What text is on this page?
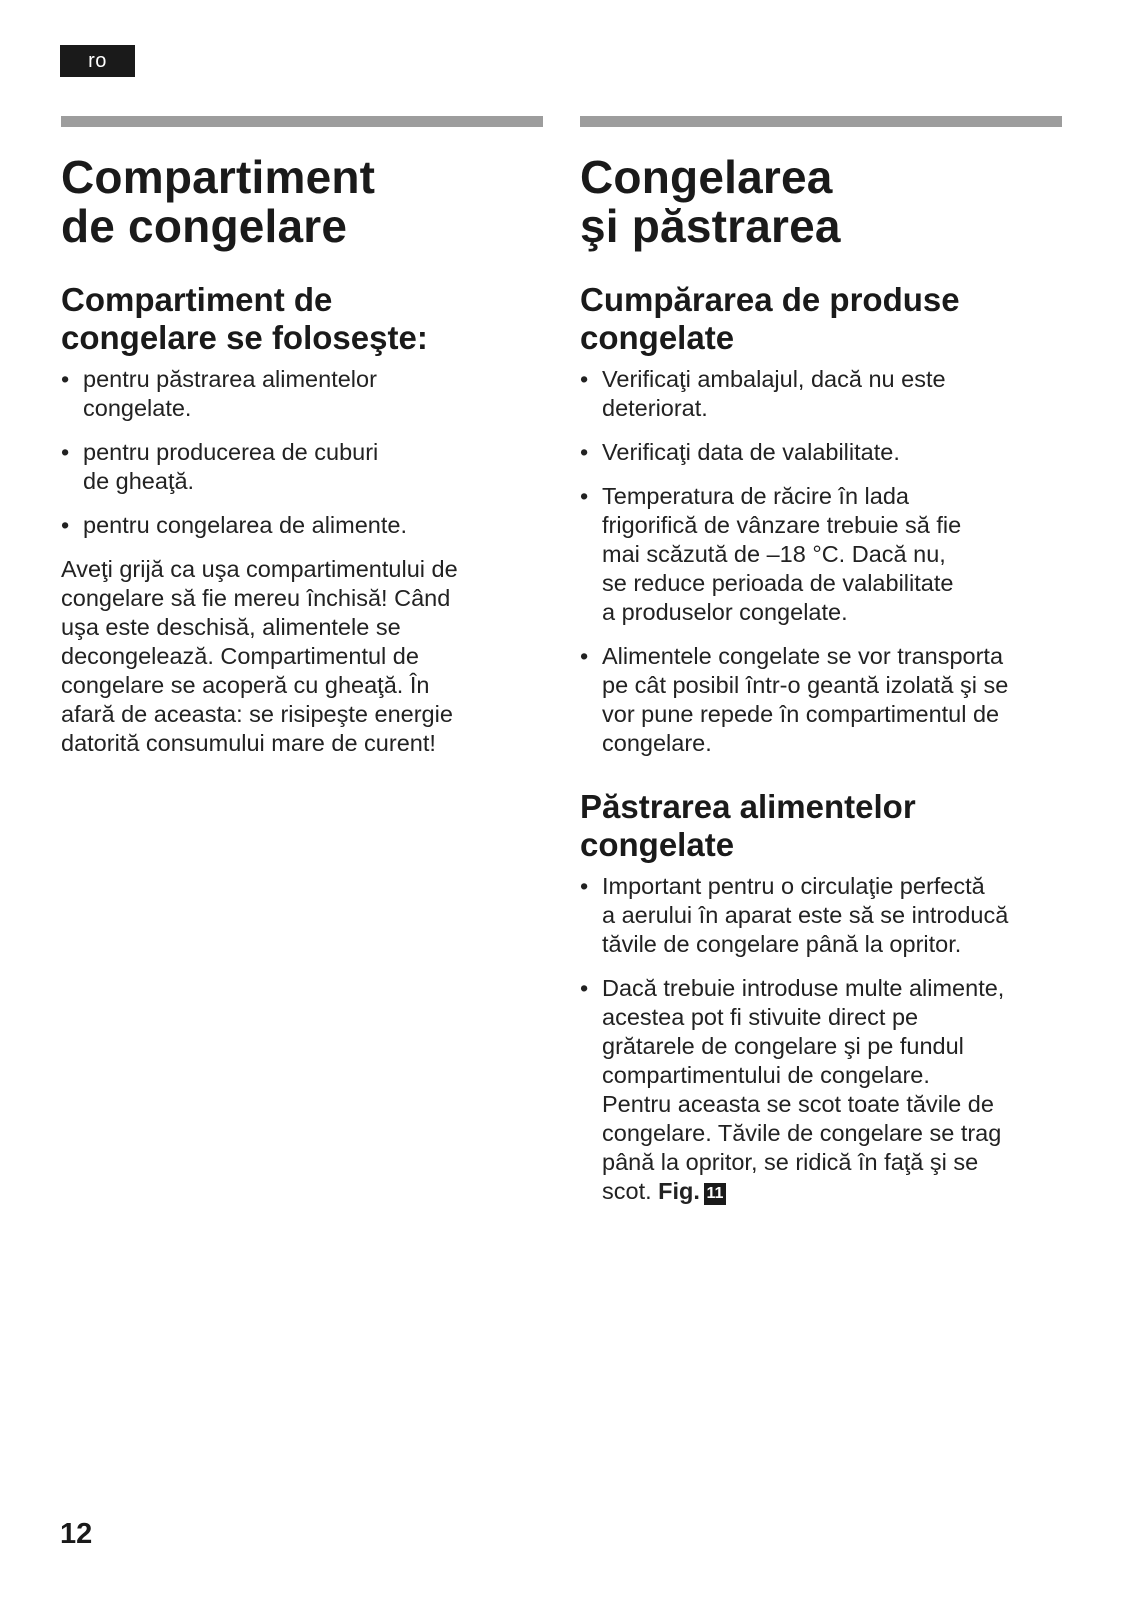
ro
Compartiment
de congelare
Compartiment de
congelare se foloseşte:
• pentru păstrarea alimentelor
congelate.
• pentru producerea de cuburi
de gheaţă.
• pentru congelarea de alimente.

Aveţi grijă ca uşa compartimentului de
congelare să fie mereu închisă! Când
uşa este deschisă, alimentele se
decongelează. Compartimentul de
congelare se acoperă cu gheaţă. În
afară de aceasta: se risipeşte energie
datorită consumului mare de curent!

Congelarea
şi păstrarea
Cumpărarea de produse
congelate
• Verificaţi ambalajul, dacă nu este
deteriorat.
• Verificaţi data de valabilitate.
• Temperatura de răcire în lada
frigorifică de vânzare trebuie să fie
mai scăzută de –18 °C. Dacă nu,
se reduce perioada de valabilitate
a produselor congelate.
• Alimentele congelate se vor transporta
pe cât posibil într-o geantă izolată şi se
vor pune repede în compartimentul de
congelare.
Păstrarea alimentelor
congelate
• Important pentru o circulaţie perfectă
a aerului în aparat este să se introducă
tăvile de congelare până la opritor.
• Dacă trebuie introduse multe alimente,
acestea pot fi stivuite direct pe
grătarele de congelare şi pe fundul
compartimentului de congelare.
Pentru aceasta se scot toate tăvile de
congelare. Tăvile de congelare se trag
până la opritor, se ridică în faţă şi se
scot. Fig. 11
12
